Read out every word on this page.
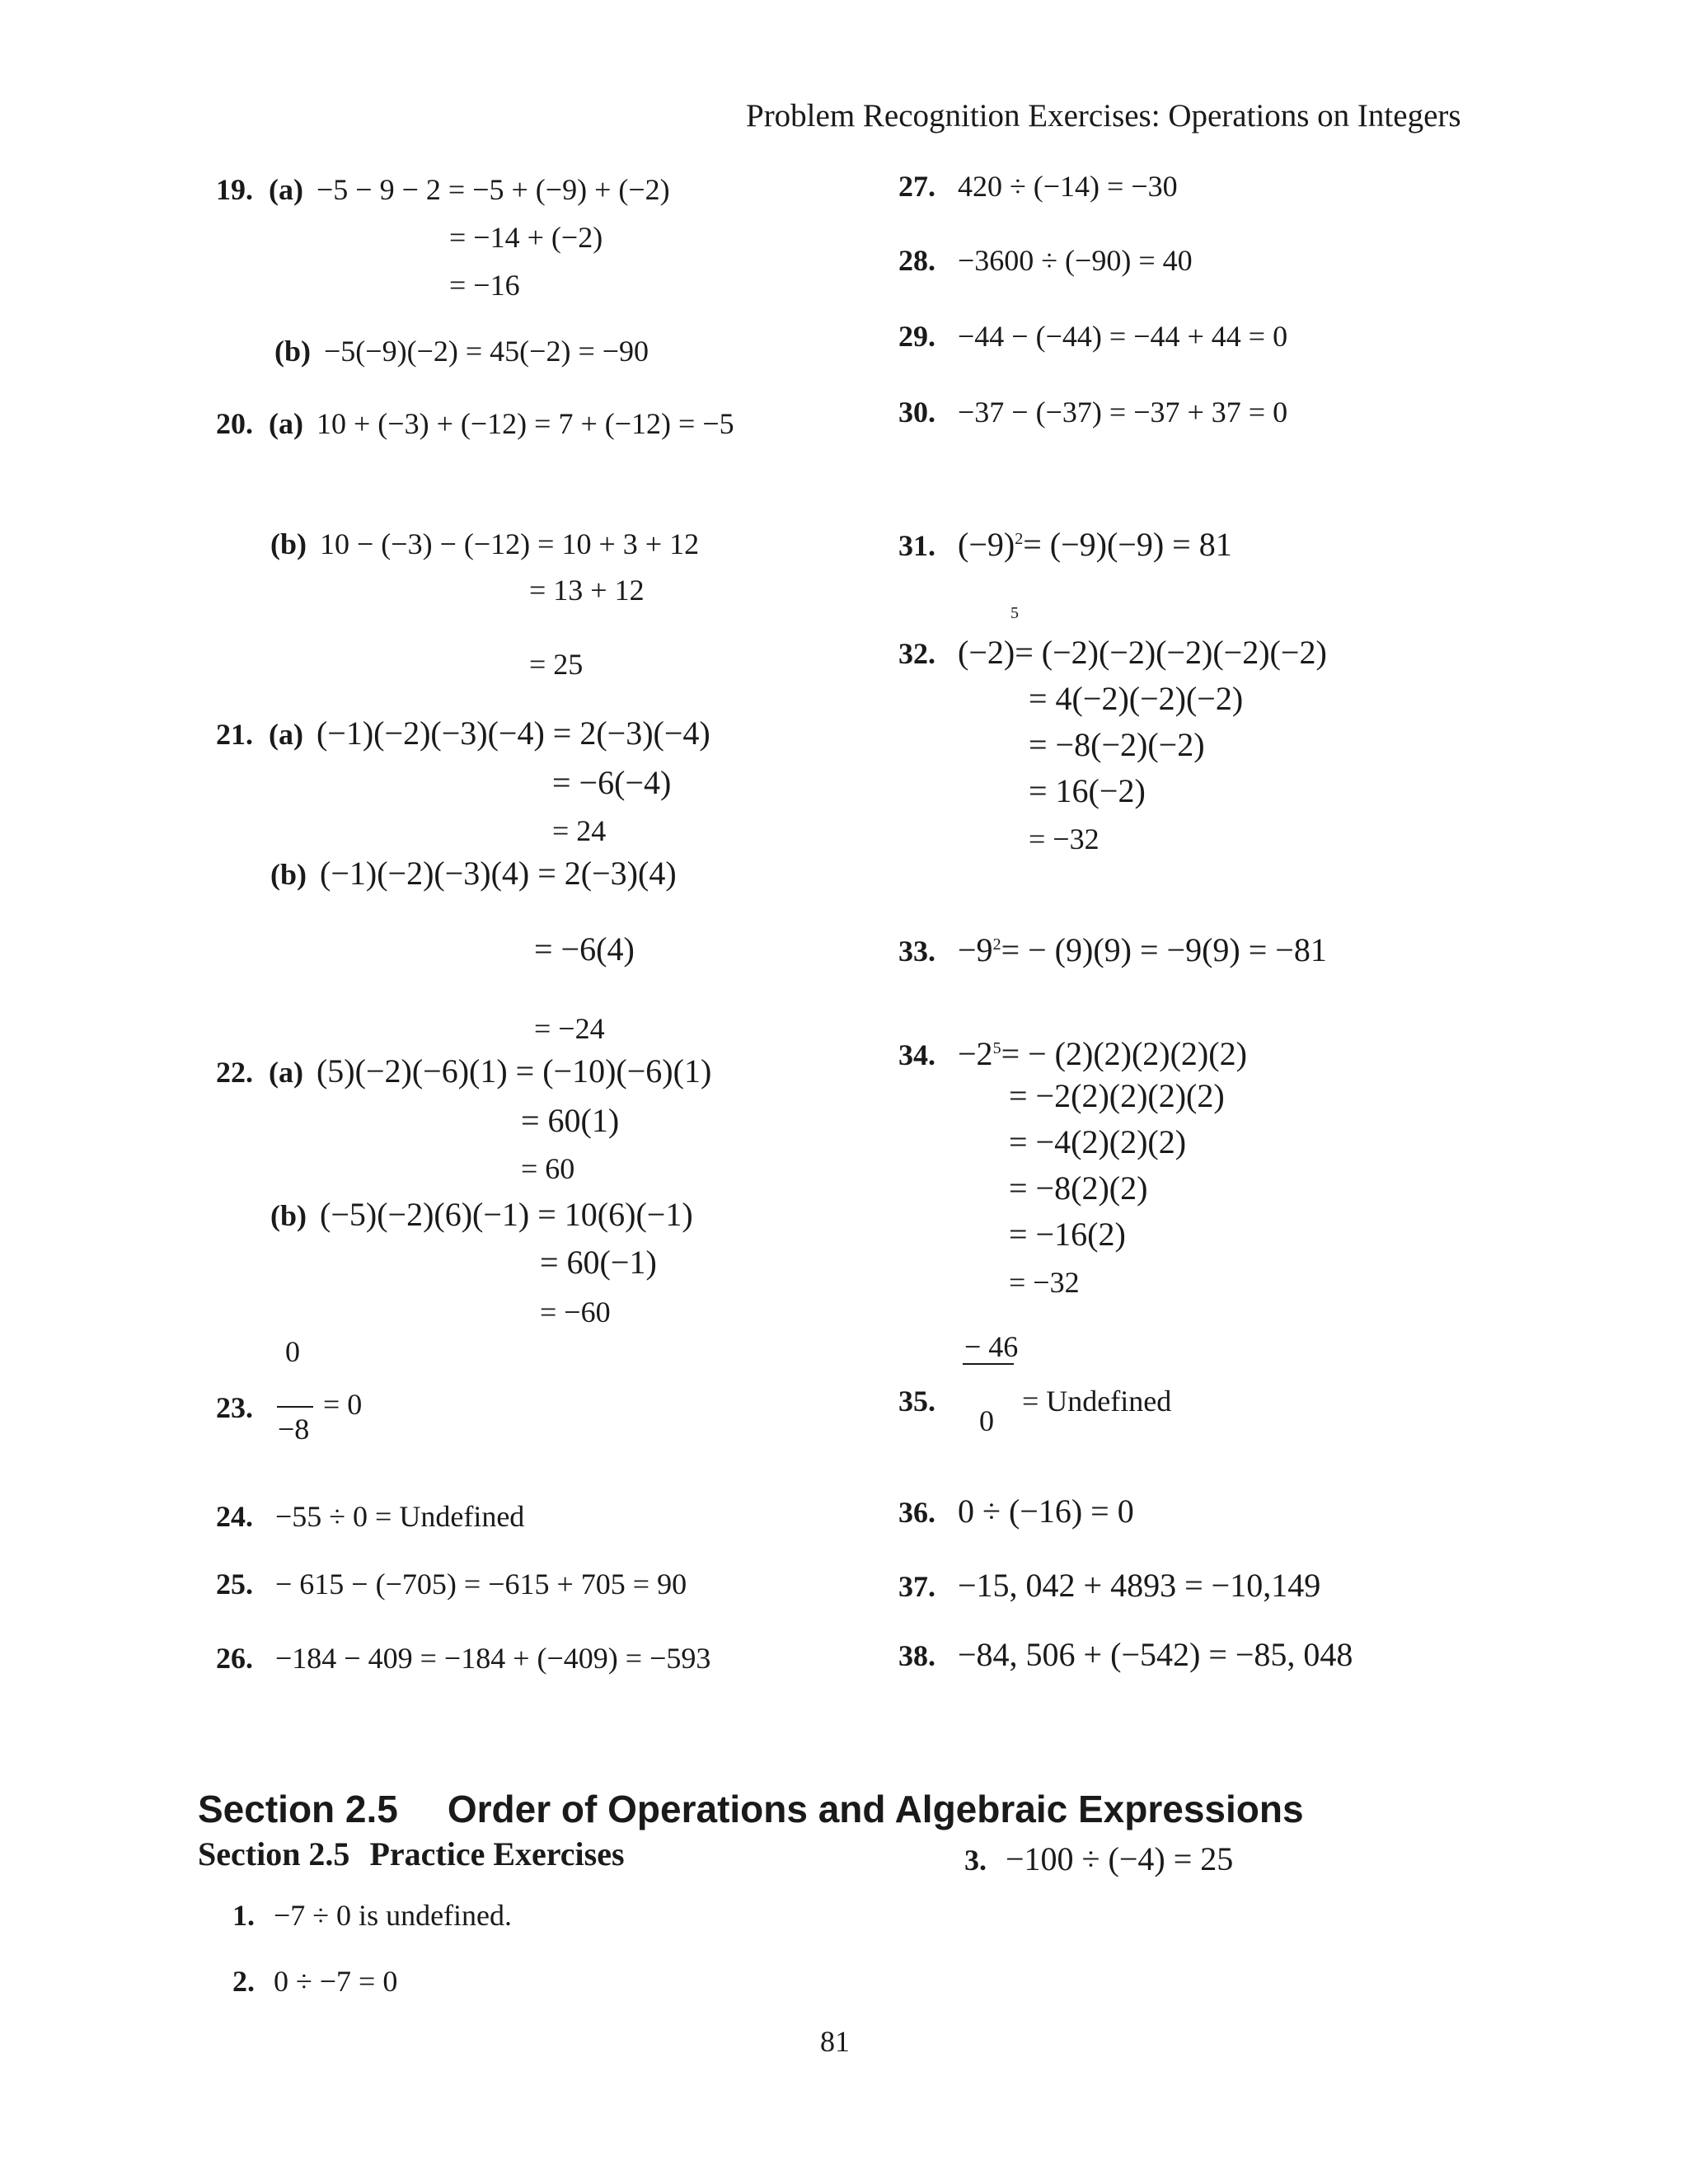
Problem Recognition Exercises: Operations on Integers
19. (a) −5 − 9 − 2 = −5 + (−9) + (−2)
= −14 + (−2)
= −16
(b) −5(−9)(−2) = 45(−2) = −90
20. (a) 10 + (−3) + (−12) = 7 + (−12) = −5
(b) 10 − (−3) − (−12) = 10 + 3 + 12
= 13 + 12
= 25
21. (a) (−1)(−2)(−3)(−4) = 2(−3)(−4)
= −6(−4)
= 24
(b) (−1)(−2)(−3)(4) = 2(−3)(4)
= −6(4)
= −24
22. (a) (5)(−2)(−6)(1) = (−10)(−6)(1)
= 60(1)
= 60
(b) (−5)(−2)(6)(−1) = 10(6)(−1)
= 60(−1)
= −60
0
23.
−8
= 0
24. −55 ÷ 0 = Undefined
25. − 615 − (−705) = −615 + 705 = 90
26. −184 − 409 = −184 + (−409) = −593
27. 420 ÷ (−14) = −30
28. −3600 ÷ (−90) = 40
29. −44 − (−44) = −44 + 44 = 0
30. −37 − (−37) = −37 + 37 = 0
31. $(-9)^2= (-9)(-9) = 81$
5
32. (−2)= (−2)(−2)(−2)(−2)(−2)
= 4(−2)(−2)(−2)
= −8(−2)(−2)
= 16(−2)
= −32
33. $-9^2= - (9)(9) = -9(9) = -81$
34. $-2^5= - (2)(2)(2)(2)(2)$
= −2(2)(2)(2)(2)
= −4(2)(2)(2)
= −8(2)(2)
= −16(2)
= −32
− 46
35.	= Undefined
0
36. 0 ÷ (−16) = 0
37. −15, 042 + 4893 = −10,149
38. −84, 506 + (−542) = −85, 048
Section 2.5 Order of Operations and Algebraic Expressions
Section 2.5 Practice Exercises
1. −7 ÷ 0 is undefined.
2. 0 ÷ −7 = 0
3. −100 ÷ (−4) = 25
81
